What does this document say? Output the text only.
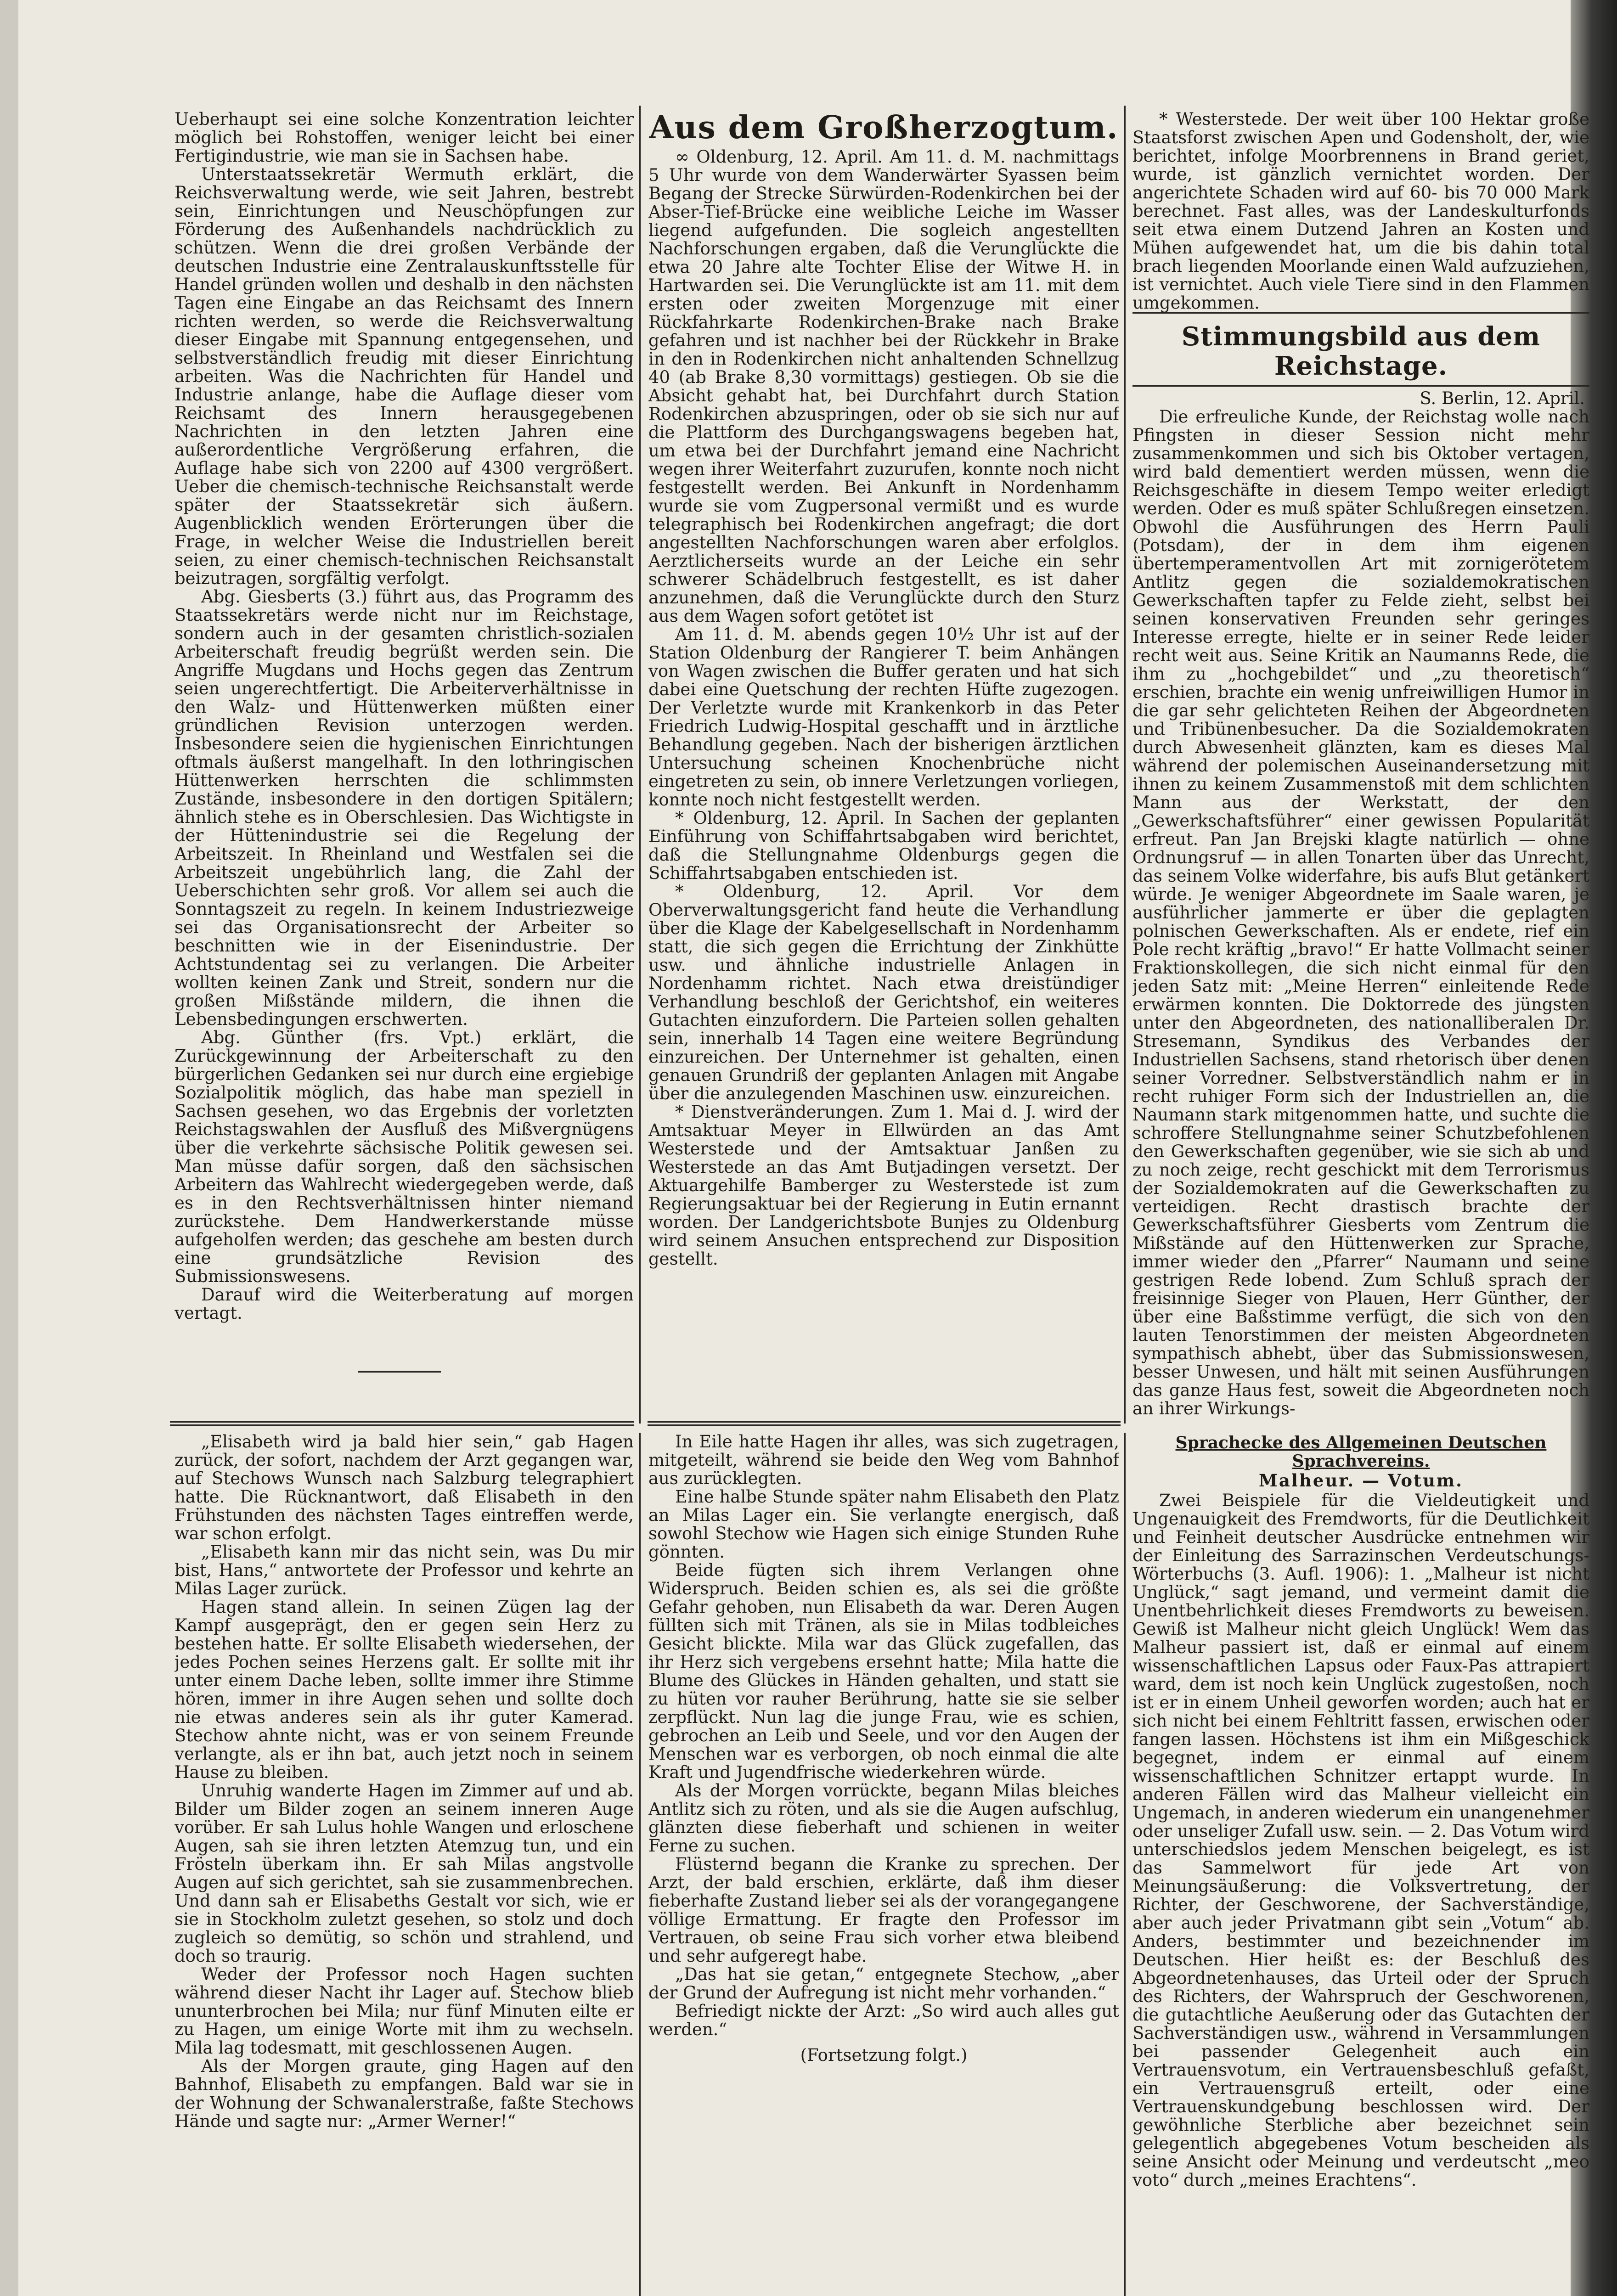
Ueberhaupt sei eine solche Konzentration leichter möglich bei Rohstoffen, weniger leicht bei einer Fertigindustrie, wie man sie in Sachsen habe.

Unterstaatssekretär Wermuth erklärt, die Reichsverwaltung werde, wie seit Jahren, bestrebt sein, Einrichtungen und Neuschöpfungen zur Förderung des Außenhandels nachdrücklich zu schützen. Wenn die drei großen Verbände der deutschen Industrie eine Zentralauskunftsstelle für Handel gründen wollen und deshalb in den nächsten Tagen eine Eingabe an das Reichsamt des Innern richten werden, so werde die Reichsverwaltung dieser Eingabe mit Spannung entgegensehen, und selbstverständlich freudig mit dieser Einrichtung arbeiten. Was die Nachrichten für Handel und Industrie anlange, habe die Auflage dieser vom Reichsamt des Innern herausgegebenen Nachrichten in den letzten Jahren eine außerordentliche Vergrößerung erfahren, die Auflage habe sich von 2200 auf 4300 vergrößert. Ueber die chemisch-technische Reichsanstalt werde später der Staatssekretär sich äußern. Augenblicklich wenden Erörterungen über die Frage, in welcher Weise die Industriellen bereit seien, zu einer chemisch-technischen Reichsanstalt beizutragen, sorgfältig verfolgt.

Abg. Giesberts (3.) führt aus, das Programm des Staatssekretärs werde nicht nur im Reichstage, sondern auch in der gesamten christlich-sozialen Arbeiterschaft freudig begrüßt werden sein. Die Angriffe Mugdans und Hochs gegen das Zentrum seien ungerechtfertigt. Die Arbeiterverhältnisse in den Walz- und Hüttenwerken müßten einer gründlichen Revision unterzogen werden. Insbesondere seien die hygienischen Einrichtungen oftmals äußerst mangelhaft. In den lothringischen Hüttenwerken herrschten die schlimmsten Zustände, insbesondere in den dortigen Spitälern; ähnlich stehe es in Oberschlesien. Das Wichtigste in der Hüttenindustrie sei die Regelung der Arbeitszeit. In Rheinland und Westfalen sei die Arbeitszeit ungebührlich lang, die Zahl der Ueberschichten sehr groß. Vor allem sei auch die Sonntagszeit zu regeln. In keinem Industriezweige sei das Organisationsrecht der Arbeiter so beschnitten wie in der Eisenindustrie. Der Achtstundentag sei zu verlangen. Die Arbeiter wollten keinen Zank und Streit, sondern nur die großen Mißstände mildern, die ihnen die Lebensbedingungen erschwerten.

Abg. Günther (frs. Vpt.) erklärt, die Zurückgewinnung der Arbeiterschaft zu den bürgerlichen Gedanken sei nur durch eine ergiebige Sozialpolitik möglich, das habe man speziell in Sachsen gesehen, wo das Ergebnis der vorletzten Reichstagswahlen der Ausfluß des Mißvergnügens über die verkehrte sächsische Politik gewesen sei. Man müsse dafür sorgen, daß den sächsischen Arbeitern das Wahlrecht wiedergegeben werde, daß es in den Rechtsverhältnissen hinter niemand zurückstehe. Dem Handwerkerstande müsse aufgeholfen werden; das geschehe am besten durch eine grundsätzliche Revision des Submissionswesens.

Darauf wird die Weiterberatung auf morgen vertagt.

Aus dem Großherzogtum.

∞ Oldenburg, 12. April. Am 11. d. M. nachmittags 5 Uhr wurde von dem Wanderwärter Syassen beim Begang der Strecke Sürwürden-Rodenkirchen bei der Abser-Tief-Brücke eine weibliche Leiche im Wasser liegend aufgefunden. Die sogleich angestellten Nachforschungen ergaben, daß die Verunglückte die etwa 20 Jahre alte Tochter Elise der Witwe H. in Hartwarden sei. Die Verunglückte ist am 11. mit dem ersten oder zweiten Morgenzuge mit einer Rückfahrkarte Rodenkirchen-Brake nach Brake gefahren und ist nachher bei der Rückkehr in Brake in den in Rodenkirchen nicht anhaltenden Schnellzug 40 (ab Brake 8,30 vormittags) gestiegen. Ob sie die Absicht gehabt hat, bei Durchfahrt durch Station Rodenkirchen abzuspringen, oder ob sie sich nur auf die Plattform des Durchgangswagens begeben hat, um etwa bei der Durchfahrt jemand eine Nachricht wegen ihrer Weiterfahrt zuzurufen, konnte noch nicht festgestellt werden. Bei Ankunft in Nordenhamm wurde sie vom Zugpersonal vermißt und es wurde telegraphisch bei Rodenkirchen angefragt; die dort angestellten Nachforschungen waren aber erfolglos. Aerztlicherseits wurde an der Leiche ein sehr schwerer Schädelbruch festgestellt, es ist daher anzunehmen, daß die Verunglückte durch den Sturz aus dem Wagen sofort getötet ist

Am 11. d. M. abends gegen 10½ Uhr ist auf der Station Oldenburg der Rangierer T. beim Anhängen von Wagen zwischen die Buffer geraten und hat sich dabei eine Quetschung der rechten Hüfte zugezogen. Der Verletzte wurde mit Krankenkorb in das Peter Friedrich Ludwig-Hospital geschafft und in ärztliche Behandlung gegeben. Nach der bisherigen ärztlichen Untersuchung scheinen Knochenbrüche nicht eingetreten zu sein, ob innere Verletzungen vorliegen, konnte noch nicht festgestellt werden.

* Oldenburg, 12. April. In Sachen der geplanten Einführung von Schiffahrtsabgaben wird berichtet, daß die Stellungnahme Oldenburgs gegen die Schiffahrtsabgaben entschieden ist.

* Oldenburg, 12. April. Vor dem Oberverwaltungsgericht fand heute die Verhandlung über die Klage der Kabelgesellschaft in Nordenhamm statt, die sich gegen die Errichtung der Zinkhütte usw. und ähnliche industrielle Anlagen in Nordenhamm richtet. Nach etwa dreistündiger Verhandlung beschloß der Gerichtshof, ein weiteres Gutachten einzufordern. Die Parteien sollen gehalten sein, innerhalb 14 Tagen eine weitere Begründung einzureichen. Der Unternehmer ist gehalten, einen genauen Grundriß der geplanten Anlagen mit Angabe über die anzulegenden Maschinen usw. einzureichen.

* Dienstveränderungen. Zum 1. Mai d. J. wird der Amtsaktuar Meyer in Ellwürden an das Amt Westerstede und der Amtsaktuar Janßen zu Westerstede an das Amt Butjadingen versetzt. Der Aktuargehilfe Bamberger zu Westerstede ist zum Regierungsaktuar bei der Regierung in Eutin ernannt worden. Der Landgerichtsbote Bunjes zu Oldenburg wird seinem Ansuchen entsprechend zur Disposition gestellt.

* Westerstede. Der weit über 100 Hektar große Staatsforst zwischen Apen und Godensholt, der, wie berichtet, infolge Moorbrennens in Brand geriet, wurde, ist gänzlich vernichtet worden. Der angerichtete Schaden wird auf 60- bis 70 000 Mark berechnet. Fast alles, was der Landeskulturfonds seit etwa einem Dutzend Jahren an Kosten und Mühen aufgewendet hat, um die bis dahin total brach liegenden Moorlande einen Wald aufzuziehen, ist vernichtet. Auch viele Tiere sind in den Flammen umgekommen.

Stimmungsbild aus dem Reichstage.
S. Berlin, 12. April.

Die erfreuliche Kunde, der Reichstag wolle nach Pfingsten in dieser Session nicht mehr zusammenkommen und sich bis Oktober vertagen, wird bald dementiert werden müssen, wenn die Reichsgeschäfte in diesem Tempo weiter erledigt werden. Oder es muß später Schlußregen einsetzen. Obwohl die Ausführungen des Herrn Pauli (Potsdam), der in dem ihm eigenen übertemperamentvollen Art mit zornigerötetem Antlitz gegen die sozialdemokratischen Gewerkschaften tapfer zu Felde zieht, selbst bei seinen konservativen Freunden sehr geringes Interesse erregte, hielte er in seiner Rede leider recht weit aus. Seine Kritik an Naumanns Rede, die ihm zu „hochgebildet“ und „zu theoretisch“ erschien, brachte ein wenig unfreiwilligen Humor in die gar sehr gelichteten Reihen der Abgeordneten und Tribünenbesucher. Da die Sozialdemokraten durch Abwesenheit glänzten, kam es dieses Mal während der polemischen Auseinandersetzung mit ihnen zu keinem Zusammenstoß mit dem schlichten Mann aus der Werkstatt, der den „Gewerkschaftsführer“ einer gewissen Popularität erfreut. Pan Jan Brejski klagte natürlich — ohne Ordnungsruf — in allen Tonarten über das Unrecht, das seinem Volke widerfahre, bis aufs Blut getänkert würde. Je weniger Abgeordnete im Saale waren, je ausführlicher jammerte er über die geplagten polnischen Gewerkschaften. Als er endete, rief ein Pole recht kräftig „bravo!“ Er hatte Vollmacht seiner Fraktionskollegen, die sich nicht einmal für den jeden Satz mit: „Meine Herren“ einleitende Rede erwärmen konnten. Die Doktorrede des jüngsten unter den Abgeordneten, des nationalliberalen Dr. Stresemann, Syndikus des Verbandes der Industriellen Sachsens, stand rhetorisch über denen seiner Vorredner. Selbstverständlich nahm er in recht ruhiger Form sich der Industriellen an, die Naumann stark mitgenommen hatte, und suchte die schroffere Stellungnahme seiner Schutzbefohlenen den Gewerkschaften gegenüber, wie sie sich ab und zu noch zeige, recht geschickt mit dem Terrorismus der Sozialdemokraten auf die Gewerkschaften zu verteidigen. Recht drastisch brachte der Gewerkschaftsführer Giesberts vom Zentrum die Mißstände auf den Hüttenwerken zur Sprache, immer wieder den „Pfarrer“ Naumann und seine gestrigen Rede lobend. Zum Schluß sprach der freisinnige Sieger von Plauen, Herr Günther, der über eine Baßstimme verfügt, die sich von den lauten Tenorstimmen der meisten Abgeordneten sympathisch abhebt, über das Submissionswesen, besser Unwesen, und hält mit seinen Ausführungen das ganze Haus fest, soweit die Abgeordneten noch an ihrer Wirkungs-

„Elisabeth wird ja bald hier sein,“ gab Hagen zurück, der sofort, nachdem der Arzt gegangen war, auf Stechows Wunsch nach Salzburg telegraphiert hatte. Die Rücknantwort, daß Elisabeth in den Frühstunden des nächsten Tages eintreffen werde, war schon erfolgt.

„Elisabeth kann mir das nicht sein, was Du mir bist, Hans,“ antwortete der Professor und kehrte an Milas Lager zurück.

Hagen stand allein. In seinen Zügen lag der Kampf ausgeprägt, den er gegen sein Herz zu bestehen hatte. Er sollte Elisabeth wiedersehen, der jedes Pochen seines Herzens galt. Er sollte mit ihr unter einem Dache leben, sollte immer ihre Stimme hören, immer in ihre Augen sehen und sollte doch nie etwas anderes sein als ihr guter Kamerad. Stechow ahnte nicht, was er von seinem Freunde verlangte, als er ihn bat, auch jetzt noch in seinem Hause zu bleiben.

Unruhig wanderte Hagen im Zimmer auf und ab. Bilder um Bilder zogen an seinem inneren Auge vorüber. Er sah Lulus hohle Wangen und erloschene Augen, sah sie ihren letzten Atemzug tun, und ein Frösteln überkam ihn. Er sah Milas angstvolle Augen auf sich gerichtet, sah sie zusammenbrechen. Und dann sah er Elisabeths Gestalt vor sich, wie er sie in Stockholm zuletzt gesehen, so stolz und doch zugleich so demütig, so schön und strahlend, und doch so traurig.

Weder der Professor noch Hagen suchten während dieser Nacht ihr Lager auf. Stechow blieb ununterbrochen bei Mila; nur fünf Minuten eilte er zu Hagen, um einige Worte mit ihm zu wechseln. Mila lag todesmatt, mit geschlossenen Augen.

Als der Morgen graute, ging Hagen auf den Bahnhof, Elisabeth zu empfangen. Bald war sie in der Wohnung der Schwanalerstraße, faßte Stechows Hände und sagte nur: „Armer Werner!“

In Eile hatte Hagen ihr alles, was sich zugetragen, mitgeteilt, während sie beide den Weg vom Bahnhof aus zurücklegten.

Eine halbe Stunde später nahm Elisabeth den Platz an Milas Lager ein. Sie verlangte energisch, daß sowohl Stechow wie Hagen sich einige Stunden Ruhe gönnten.

Beide fügten sich ihrem Verlangen ohne Widerspruch. Beiden schien es, als sei die größte Gefahr gehoben, nun Elisabeth da war. Deren Augen füllten sich mit Tränen, als sie in Milas todbleiches Gesicht blickte. Mila war das Glück zugefallen, das ihr Herz sich vergebens ersehnt hatte; Mila hatte die Blume des Glückes in Händen gehalten, und statt sie zu hüten vor rauher Berührung, hatte sie sie selber zerpflückt. Nun lag die junge Frau, wie es schien, gebrochen an Leib und Seele, und vor den Augen der Menschen war es verborgen, ob noch einmal die alte Kraft und Jugendfrische wiederkehren würde.

Als der Morgen vorrückte, begann Milas bleiches Antlitz sich zu röten, und als sie die Augen aufschlug, glänzten diese fieberhaft und schienen in weiter Ferne zu suchen.

Flüsternd begann die Kranke zu sprechen. Der Arzt, der bald erschien, erklärte, daß ihm dieser fieberhafte Zustand lieber sei als der vorangegangene völlige Ermattung. Er fragte den Professor im Vertrauen, ob seine Frau sich vorher etwa bleibend und sehr aufgeregt habe.

„Das hat sie getan,“ entgegnete Stechow, „aber der Grund der Aufregung ist nicht mehr vorhanden.“

Befriedigt nickte der Arzt: „So wird auch alles gut werden.“

(Fortsetzung folgt.)

Sprachecke des Allgemeinen Deutschen Sprachvereins.
Malheur. — Votum.

Zwei Beispiele für die Vieldeutigkeit und Ungenauigkeit des Fremdworts, für die Deutlichkeit und Feinheit deutscher Ausdrücke entnehmen wir der Einleitung des Sarrazinschen Verdeutschungs-Wörterbuchs (3. Aufl. 1906): 1. „Malheur ist nicht Unglück,“ sagt jemand, und vermeint damit die Unentbehrlichkeit dieses Fremdworts zu beweisen. Gewiß ist Malheur nicht gleich Unglück! Wem das Malheur passiert ist, daß er einmal auf einem wissenschaftlichen Lapsus oder Faux-Pas attrapiert ward, dem ist noch kein Unglück zugestoßen, noch ist er in einem Unheil geworfen worden; auch hat er sich nicht bei einem Fehltritt fassen, erwischen oder fangen lassen. Höchstens ist ihm ein Mißgeschick begegnet, indem er einmal auf einem wissenschaftlichen Schnitzer ertappt wurde. In anderen Fällen wird das Malheur vielleicht ein Ungemach, in anderen wiederum ein unangenehmer oder unseliger Zufall usw. sein. — 2. Das Votum wird unterschiedslos jedem Menschen beigelegt, es ist das Sammelwort für jede Art von Meinungsäußerung: die Volksvertretung, der Richter, der Geschworene, der Sachverständige, aber auch jeder Privatmann gibt sein „Votum“ ab. Anders, bestimmter und bezeichnender im Deutschen. Hier heißt es: der Beschluß des Abgeordnetenhauses, das Urteil oder der Spruch des Richters, der Wahrspruch der Geschworenen, die gutachtliche Aeußerung oder das Gutachten der Sachverständigen usw., während in Versammlungen bei passender Gelegenheit auch ein Vertrauensvotum, ein Vertrauensbeschluß gefaßt, ein Vertrauensgruß erteilt, oder eine Vertrauenskundgebung beschlossen wird. Der gewöhnliche Sterbliche aber bezeichnet sein gelegentlich abgegebenes Votum bescheiden als seine Ansicht oder Meinung und verdeutscht „meo voto“ durch „meines Erachtens“.
